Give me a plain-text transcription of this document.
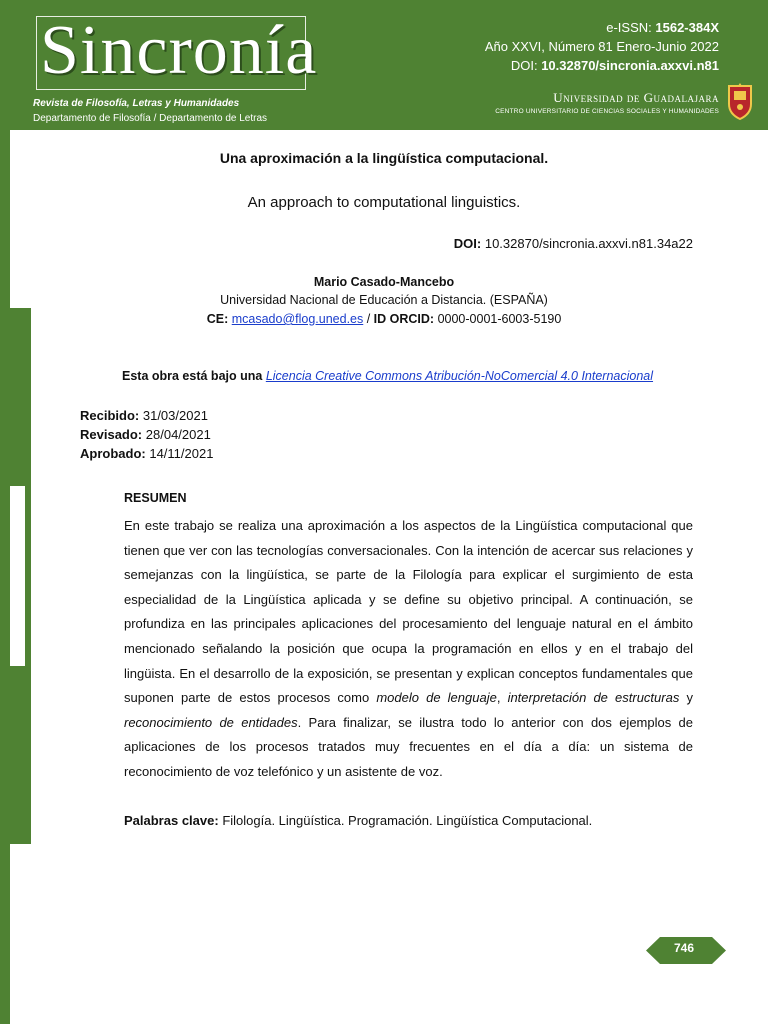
Sincronía
Revista de Filosofía, Letras y Humanidades
Departamento de Filosofía / Departamento de Letras
e-ISSN: 1562-384X
Año XXVI, Número 81 Enero-Junio 2022
DOI: 10.32870/sincronia.axxvi.n81
Universidad de Guadalajara
CENTRO UNIVERSITARIO DE CIENCIAS SOCIALES Y HUMANIDADES
Una aproximación a la lingüística computacional.
An approach to computational linguistics.
DOI: 10.32870/sincronia.axxvi.n81.34a22
Mario Casado-Mancebo
Universidad Nacional de Educación a Distancia. (ESPAÑA)
CE: mcasado@flog.uned.es / ID ORCID: 0000-0001-6003-5190
Esta obra está bajo una Licencia Creative Commons Atribución-NoComercial 4.0 Internacional
Recibido: 31/03/2021
Revisado: 28/04/2021
Aprobado: 14/11/2021
RESUMEN
En este trabajo se realiza una aproximación a los aspectos de la Lingüística computacional que tienen que ver con las tecnologías conversacionales. Con la intención de acercar sus relaciones y semejanzas con la lingüística, se parte de la Filología para explicar el surgimiento de esta especialidad de la Lingüística aplicada y se define su objetivo principal. A continuación, se profundiza en las principales aplicaciones del procesamiento del lenguaje natural en el ámbito mencionado señalando la posición que ocupa la programación en ellos y en el trabajo del lingüista. En el desarrollo de la exposición, se presentan y explican conceptos fundamentales que suponen parte de estos procesos como modelo de lenguaje, interpretación de estructuras y reconocimiento de entidades. Para finalizar, se ilustra todo lo anterior con dos ejemplos de aplicaciones de los procesos tratados muy frecuentes en el día a día: un sistema de reconocimiento de voz telefónico y un asistente de voz.
Palabras clave: Filología. Lingüística. Programación. Lingüística Computacional.
746
